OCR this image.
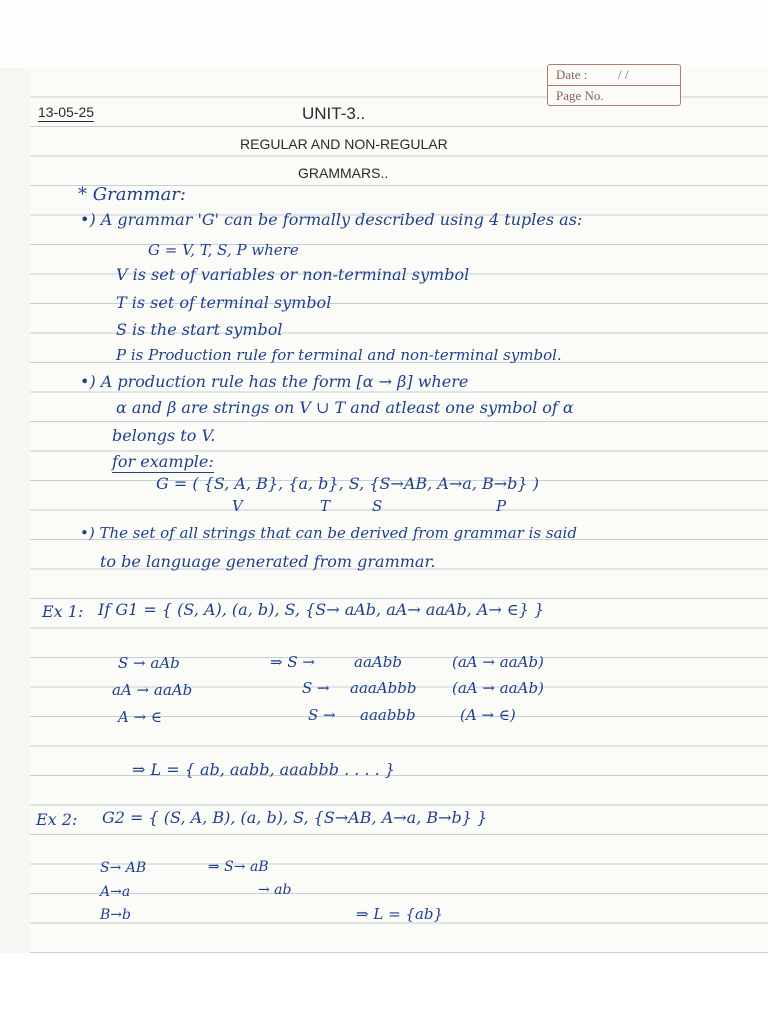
Date : / /
Page No.
13-05-25	UNIT-3..
REGULAR AND NON-REGULAR
GRAMMARS..
* Grammar:
•) A grammar 'G' can be formally described using 4 tuples as:
G = V, T, S, P where
V is set of variables or non-terminal symbol
T is set of terminal symbol
S is the start symbol
P is Production rule for terminal and non-terminal symbol.
•) A production rule has the form [α → β] where
α and β are strings on V ∪ T and atleast one symbol of α
belongs to V.
for example:
G = ( {S, A, B}, {a, b}, S, {S→AB, A→a, B→b} )
V	T	S	P
•) The set of all strings that can be derived from grammar is said
to be language generated from grammar.
Ex 1: If G1 = { (S, A), (a, b), S, {S→ aAb, aA→ aaAb, A→ ∈} }
S → aAb
aA → aaAb
A → ∈
⇒ S →	aaAbb	(aA → aaAb)
S → aaaAbbb (aA → aaAb)
S → aaabbb	(A → ∈)
⇒ L = { ab, aabb, aaabbb . . . . }
Ex 2: G2 = { (S, A, B), (a, b), S, {S→AB, A→a, B→b} }
S→ AB
A→a
B→b
⇒ S→ aB
→ ab
⇒ L = {ab}
